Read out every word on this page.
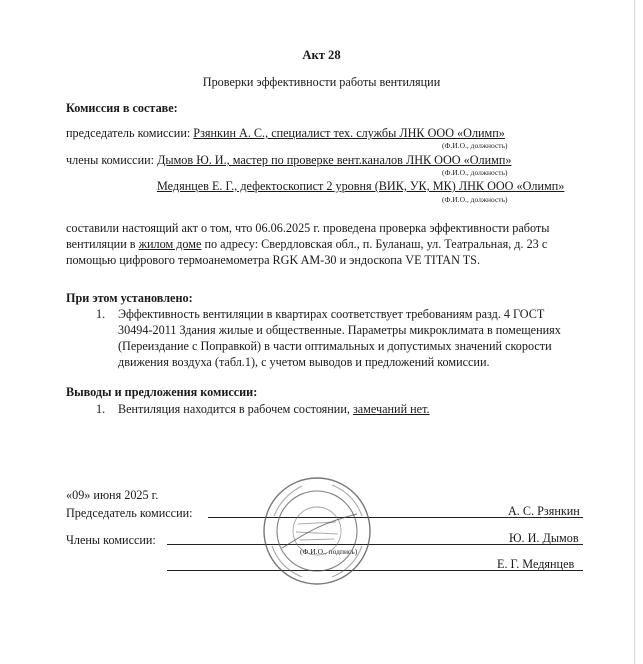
Акт 28
Проверки эффективности работы вентиляции
Комиссия в составе:
председатель комиссии: Рзянкин А. С., специалист тех. службы ЛНК ООО «Олимп»
(Ф.И.О., должность)
члены комиссии: Дымов Ю. И., мастер по проверке вент.каналов ЛНК ООО «Олимп»
(Ф.И.О., должность)
Медянцев Е. Г., дефектоскопист 2 уровня (ВИК, УК, МК) ЛНК ООО «Олимп»
(Ф.И.О., должность)
составили настоящий акт о том, что 06.06.2025 г. проведена проверка эффективности работы
вентиляции в жилом доме по адресу: Свердловская обл., п. Буланаш, ул. Театральная, д. 23 с
помощью цифрового термоанемометра RGK AM-30 и эндоскопа VE TITAN TS.
При этом установлено:
1. Эффективность вентиляции в квартирах соответствует требованиям разд. 4 ГОСТ
30494-2011 Здания жилые и общественные. Параметры микроклимата в помещениях
(Переиздание с Поправкой) в части оптимальных и допустимых значений скорости
движения воздуха (табл.1), с учетом выводов и предложений комиссии.
Выводы и предложения комиссии:
1. Вентиляция находится в рабочем состоянии, замечаний нет.
«09» июня 2025 г.
Председатель комиссии:	А. С. Рзянкин
Члены комиссии:	Ю. И. Дымов
(Ф.И.О., подпись)
Е. Г. Медянцев
